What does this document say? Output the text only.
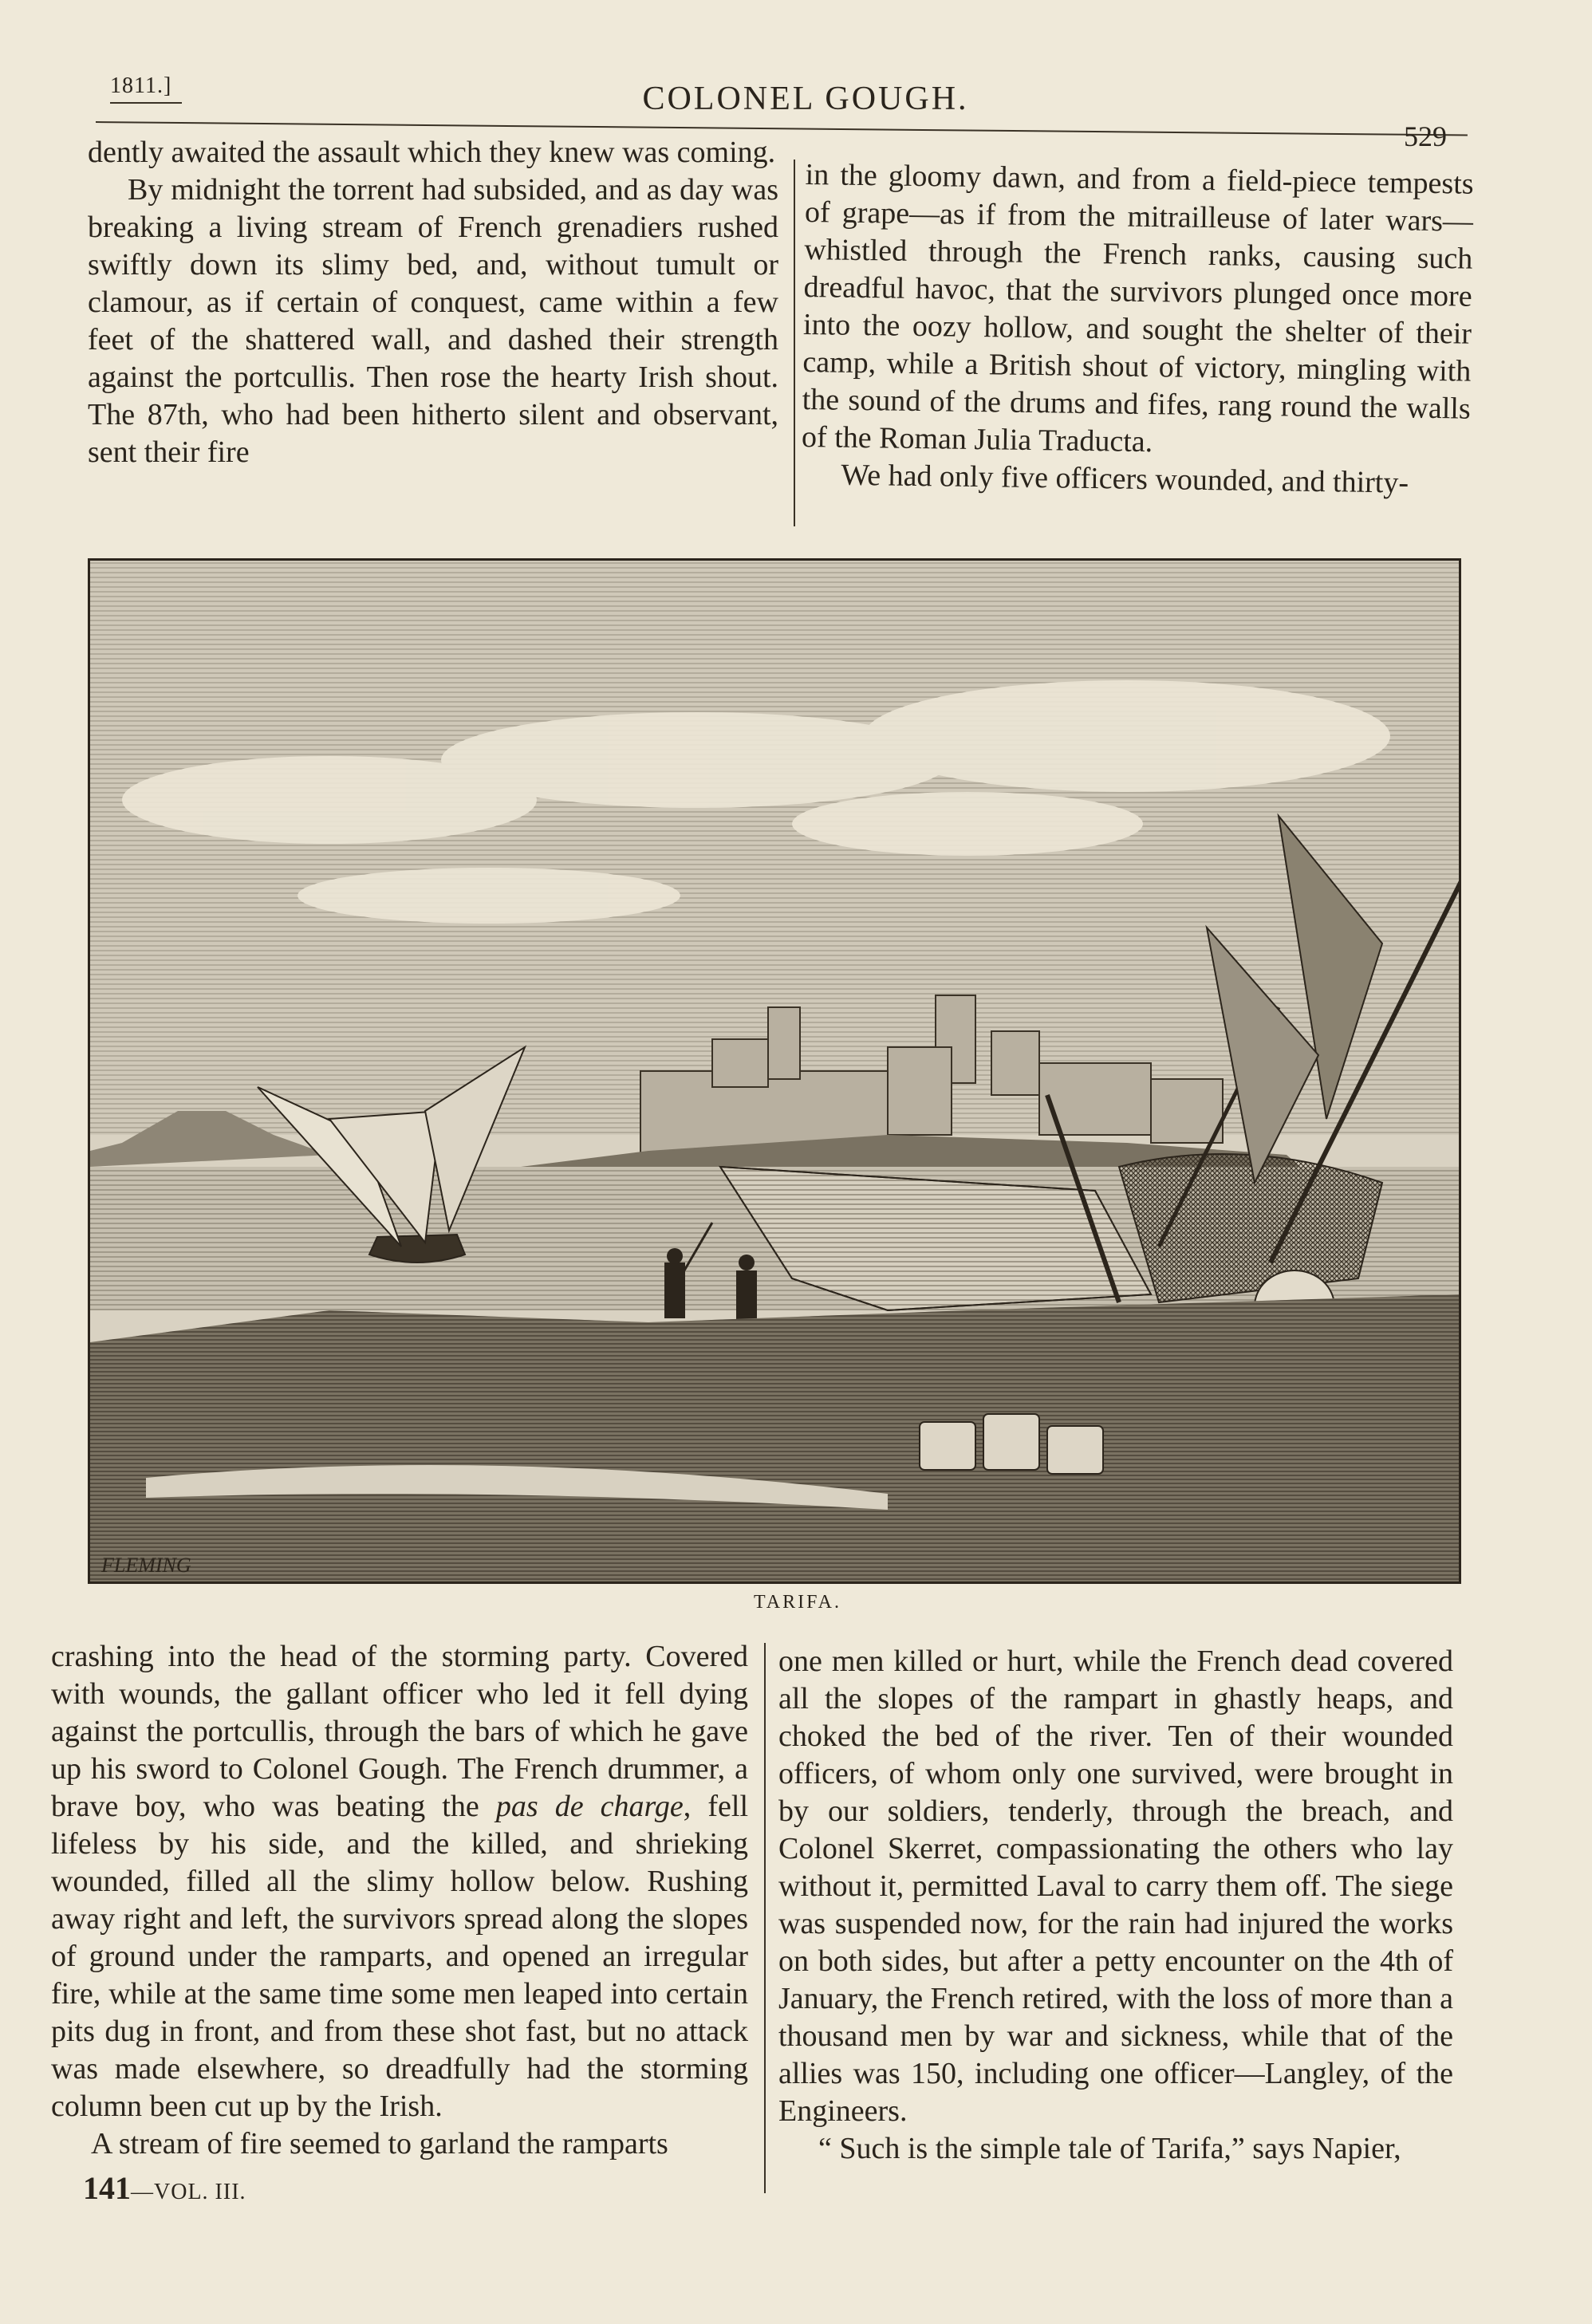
1811.]	COLONEL GOUGH.
529

dently awaited the assault which they knew was coming.

By midnight the torrent had subsided, and as day was breaking a living stream of French grenadiers rushed swiftly down its slimy bed, and, without tumult or clamour, as if certain of conquest, came within a few feet of the shattered wall, and dashed their strength against the portcullis. Then rose the hearty Irish shout. The 87th, who had been hitherto silent and observant, sent their fire

in the gloomy dawn, and from a field-piece tempests of grape—as if from the mitrailleuse of later wars—whistled through the French ranks, causing such dreadful havoc, that the survivors plunged once more into the oozy hollow, and sought the shelter of their camp, while a British shout of victory, mingling with the sound of the drums and fifes, rang round the walls of the Roman Julia Traducta.

We had only five officers wounded, and thirty-

FLEMING
TARIFA.

crashing into the head of the storming party. Covered with wounds, the gallant officer who led it fell dying against the portcullis, through the bars of which he gave up his sword to Colonel Gough. The French drummer, a brave boy, who was beating the pas de charge, fell lifeless by his side, and the killed, and shrieking wounded, filled all the slimy hollow below. Rushing away right and left, the survivors spread along the slopes of ground under the ramparts, and opened an irregular fire, while at the same time some men leaped into certain pits dug in front, and from these shot fast, but no attack was made elsewhere, so dreadfully had the storming column been cut up by the Irish.

A stream of fire seemed to garland the ramparts

one men killed or hurt, while the French dead covered all the slopes of the rampart in ghastly heaps, and choked the bed of the river. Ten of their wounded officers, of whom only one survived, were brought in by our soldiers, tenderly, through the breach, and Colonel Skerret, compassionating the others who lay without it, permitted Laval to carry them off. The siege was suspended now, for the rain had injured the works on both sides, but after a petty encounter on the 4th of January, the French retired, with the loss of more than a thousand men by war and sickness, while that of the allies was 150, including one officer—Langley, of the Engineers.

“ Such is the simple tale of Tarifa,” says Napier,

141—VOL. III.
